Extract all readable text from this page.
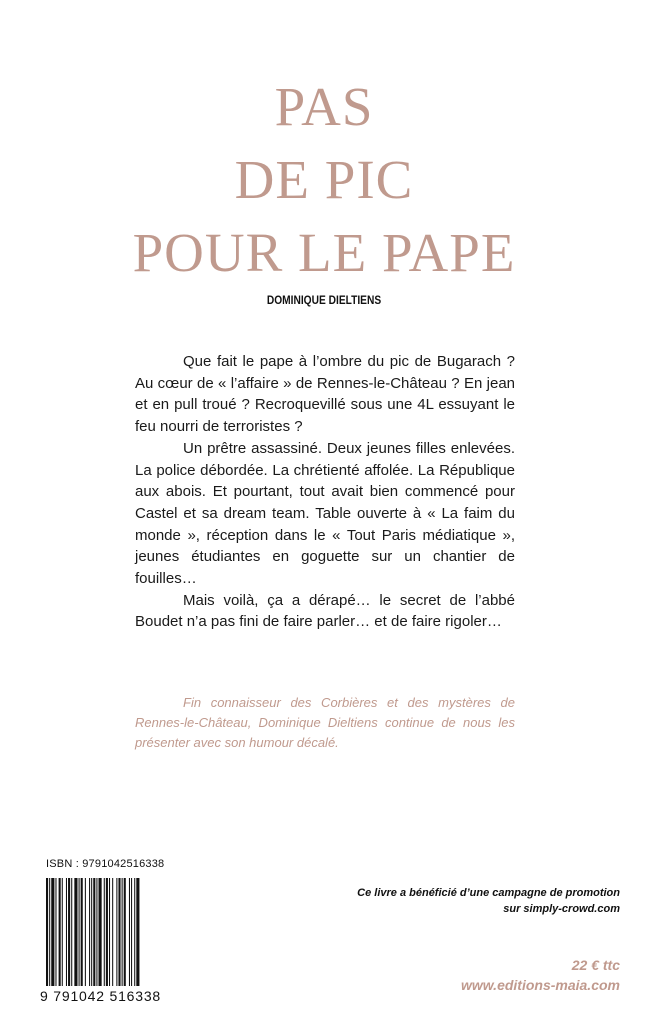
PAS
DE PIC
POUR LE PAPE
DOMINIQUE DIELTIENS

Que fait le pape à l’ombre du pic de Bugarach ? Au cœur de « l’affaire » de Rennes-le-Château ? En jean et en pull troué ? Recroquevillé sous une 4L essuyant le feu nourri de terroristes ?

Un prêtre assassiné. Deux jeunes filles enlevées. La police débordée. La chrétienté affolée. La République aux abois. Et pourtant, tout avait bien commencé pour Castel et sa dream team. Table ouverte à « La faim du monde », réception dans le « Tout Paris médiatique », jeunes étudiantes en goguette sur un chantier de fouilles…

Mais voilà, ça a dérapé… le secret de l’abbé Boudet n’a pas fini de faire parler… et de faire rigoler…

Fin connaisseur des Corbières et des mystères de Rennes-le-Château, Dominique Dieltiens continue de nous les présenter avec son humour décalé.
ISBN : 9791042516338
9 791042 516338
Ce livre a bénéficié d’une campagne de promotion
sur simply-crowd.com
22 € ttc
www.editions-maia.com
